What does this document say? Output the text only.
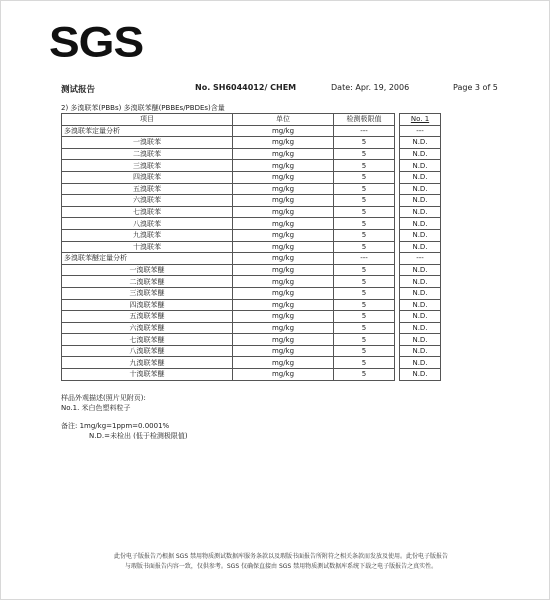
SGS
测试报告	No. SH6044012/ CHEM	Date: Apr. 19, 2006	Page 3 of 5
2) 多溴联苯(PBBs) 多溴联苯醚(PBBEs/PBDEs)含量
项目	单位	检测极限值		No. 1
多溴联苯定量分析	mg/kg	---		---
一溴联苯	mg/kg	5		N.D.
二溴联苯	mg/kg	5		N.D.
三溴联苯	mg/kg	5		N.D.
四溴联苯	mg/kg	5		N.D.
五溴联苯	mg/kg	5		N.D.
六溴联苯	mg/kg	5		N.D.
七溴联苯	mg/kg	5		N.D.
八溴联苯	mg/kg	5		N.D.
九溴联苯	mg/kg	5		N.D.
十溴联苯	mg/kg	5		N.D.
多溴联苯醚定量分析	mg/kg	---		---
一溴联苯醚	mg/kg	5		N.D.
二溴联苯醚	mg/kg	5		N.D.
三溴联苯醚	mg/kg	5		N.D.
四溴联苯醚	mg/kg	5		N.D.
五溴联苯醚	mg/kg	5		N.D.
六溴联苯醚	mg/kg	5		N.D.
七溴联苯醚	mg/kg	5		N.D.
八溴联苯醚	mg/kg	5		N.D.
九溴联苯醚	mg/kg	5		N.D.
十溴联苯醚	mg/kg	5		N.D.
样品外观描述(照片见附页):
No.1. 米白色塑料粒子
备注: 1mg/kg=1ppm=0.0001%
N.D.=未检出 (低于检测极限值)
此份电子版报告乃根据 SGS 禁用物质测试数据库服务条款以及瑕版书面报告所附符之相关条款而发放及使用。此份电子版报告
与瑕版书面报告内容一致，仅供参考。SGS 仅确保直接由 SGS 禁用物质测试数据库系统下载之电子版报告之真实性。
